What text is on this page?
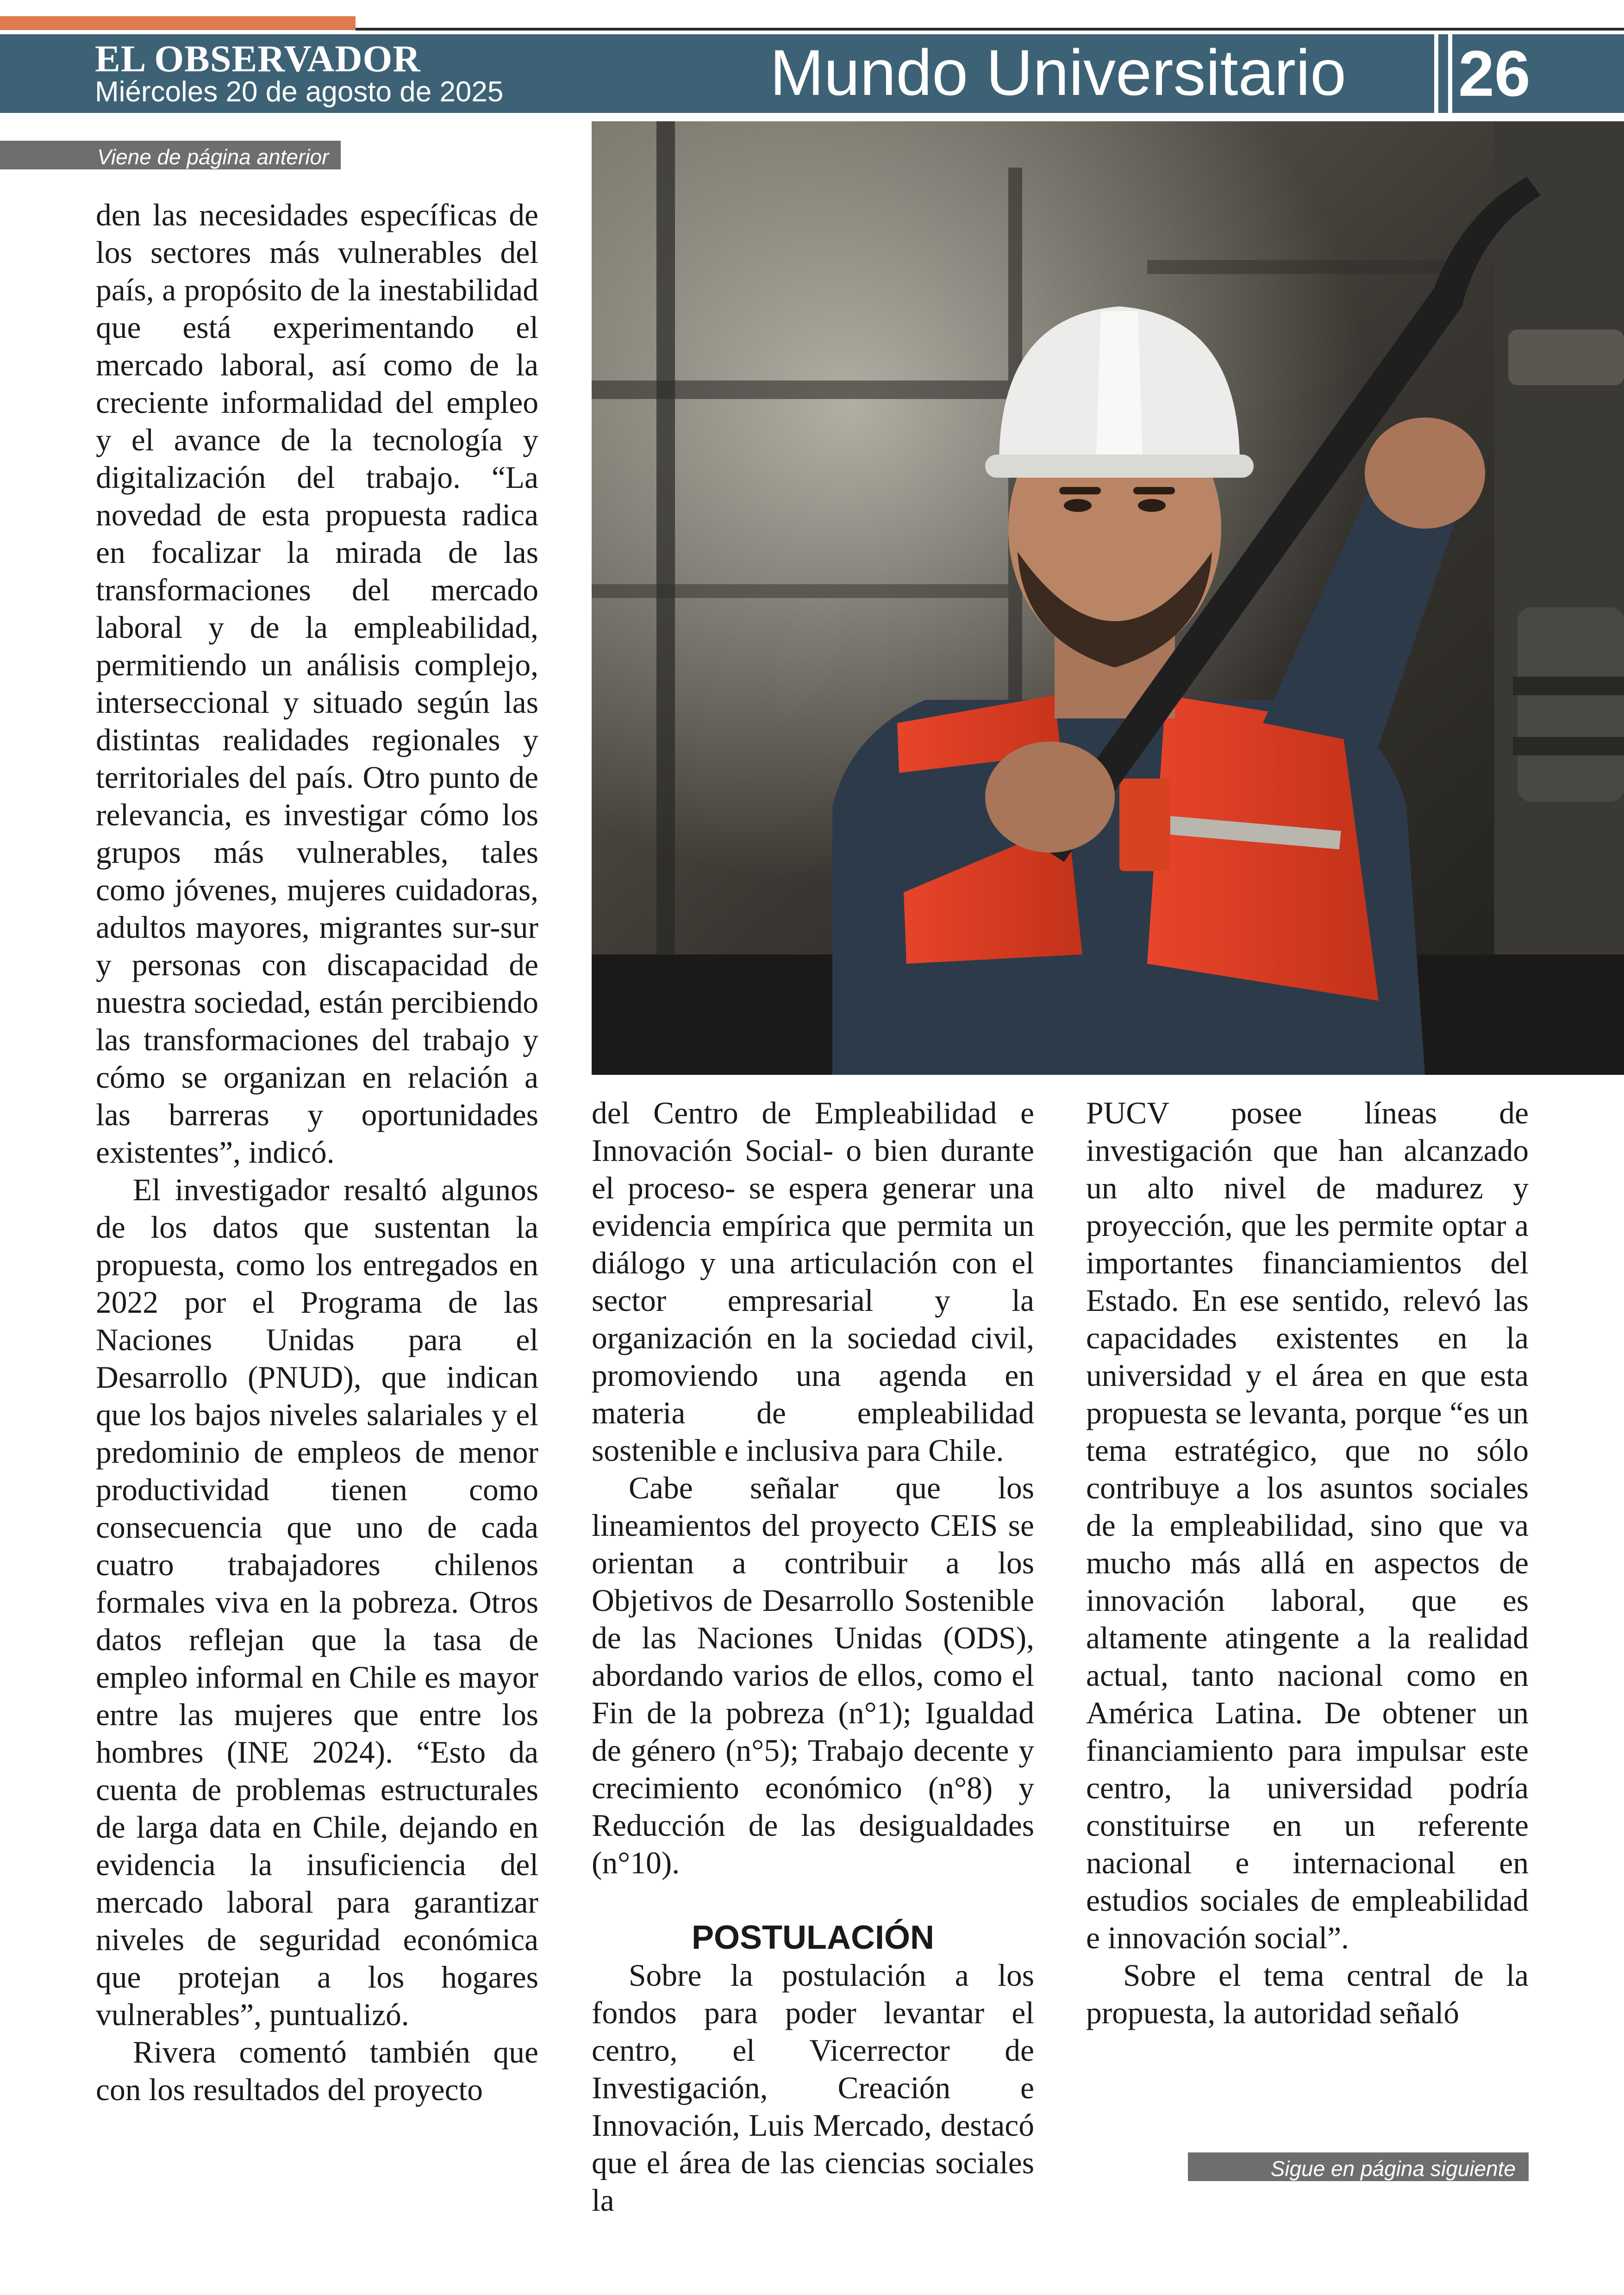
EL OBSERVADOR
Miércoles 20 de agosto de 2025	Mundo Universitario 26
Viene de página anterior

den las necesidades específicas de los sectores más vulnerables del país, a propósito de la inestabilidad que está experimentando el mercado laboral, así como de la creciente informalidad del empleo y el avance de la tecnología y digitalización del trabajo. “La novedad de esta propuesta radica en focalizar la mirada de las transformaciones del mercado laboral y de la empleabilidad, permitiendo un análisis complejo, interseccional y situado según las distintas realidades regionales y territoriales del país. Otro punto de relevancia, es investigar cómo los grupos más vulnerables, tales como jóvenes, mujeres cuidadoras, adultos mayores, migrantes sur-sur y personas con discapacidad de nuestra sociedad, están percibiendo las transformaciones del trabajo y cómo se organizan en relación a las barreras y oportunidades existentes”, indicó.

El investigador resaltó algunos de los datos que sustentan la propuesta, como los entregados en 2022 por el Programa de las Naciones Unidas para el Desarrollo (PNUD), que indican que los bajos niveles salariales y el predominio de empleos de menor productividad tienen como consecuencia que uno de cada cuatro trabajadores chilenos formales viva en la pobreza. Otros datos reflejan que la tasa de empleo informal en Chile es mayor entre las mujeres que entre los hombres (INE 2024). “Esto da cuenta de problemas estructurales de larga data en Chile, dejando en evidencia la insuficiencia del mercado laboral para garantizar niveles de seguridad económica que protejan a los hogares vulnerables”, puntualizó.

Rivera comentó también que con los resultados del proyecto

del Centro de Empleabilidad e Innovación Social- o bien durante el proceso- se espera generar una evidencia empírica que permita un diálogo y una articulación con el sector empresarial y la organización en la sociedad civil, promoviendo una agenda en materia de empleabilidad sostenible e inclusiva para Chile.

Cabe señalar que los lineamientos del proyecto CEIS se orientan a contribuir a los Objetivos de Desarrollo Sostenible de las Naciones Unidas (ODS), abordando varios de ellos, como el Fin de la pobreza (n°1); Igualdad de género (n°5); Trabajo decente y crecimiento económico (n°8) y Reducción de las desigualdades (n°10).

POSTULACIÓN

Sobre la postulación a los fondos para poder levantar el centro, el Vicerrector de Investigación, Creación e Innovación, Luis Mercado, destacó que el área de las ciencias sociales la

PUCV posee líneas de investigación que han alcanzado un alto nivel de madurez y proyección, que les permite optar a importantes financiamientos del Estado. En ese sentido, relevó las capacidades existentes en la universidad y el área en que esta propuesta se levanta, porque “es un tema estratégico, que no sólo contribuye a los asuntos sociales de la empleabilidad, sino que va mucho más allá en aspectos de innovación laboral, que es altamente atingente a la realidad actual, tanto nacional como en América Latina. De obtener un financiamiento para impulsar este centro, la universidad podría constituirse en un referente nacional e internacional en estudios sociales de empleabilidad e innovación social”.

Sobre el tema central de la propuesta, la autoridad señaló

Sigue en página siguiente
